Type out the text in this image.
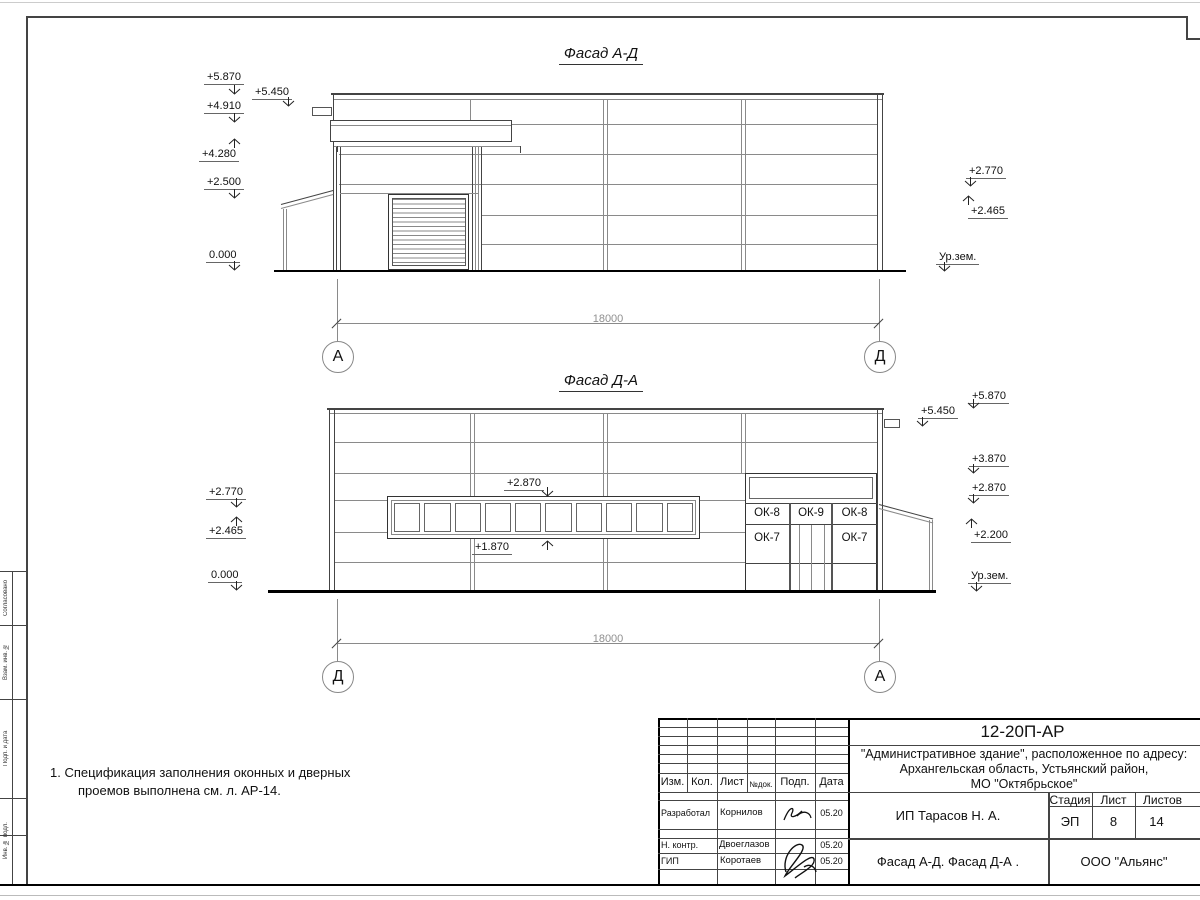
Согласовано
Взам. инв. №
Подп. и дата
Инв. № подл.
Фасад А-Д
+5.870
+4.910
+4.280
+2.500
0.000
+5.450
+2.770
+2.465
Ур.зем.
18000
А	Д
Фасад Д-А
ОК-8	ОК-9	ОК-8
ОК-7	ОК-7
+5.870
+5.450
+3.870
+2.870
+2.200
Ур.зем.
+2.770
+2.465
0.000
+2.870
+1.870
18000
Д	А
1. Спецификация заполнения оконных и дверных
проемов выполнена см. л. АР-14.
Изм. Кол. Лист №док. Подп. Дата
Разработал Корнилов	05.20
Н. контр. Двоеглазов	05.20
ГИП	Коротаев	05.20
12-20П-АР
"Административное здание", расположенное по адресу:
Архангельская область, Устьянский район,
МО "Октябрьское"
ИП Тарасов Н. А.
Стадия Лист	Листов
ЭП	8	14
Фасад А-Д. Фасад Д-А .	ООО "Альянс"
